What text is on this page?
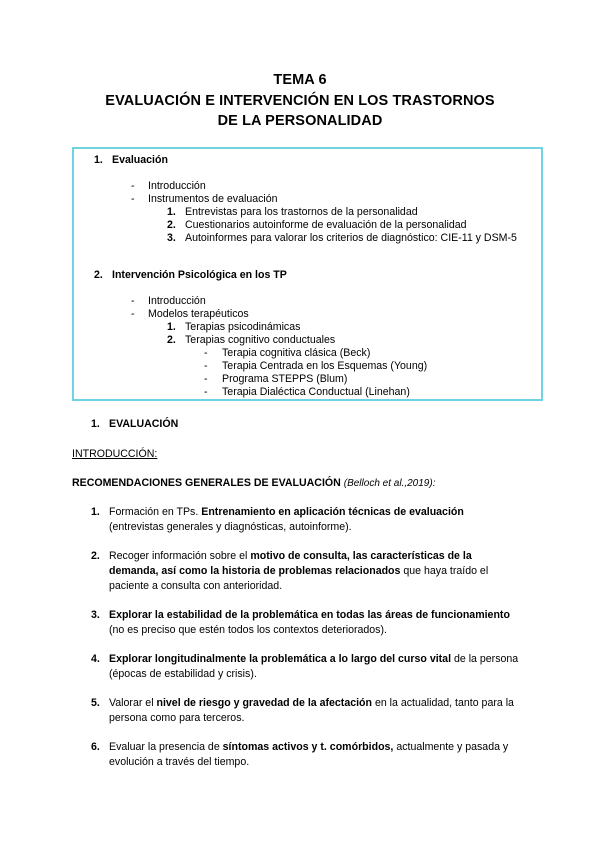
TEMA 6
EVALUACIÓN E INTERVENCIÓN EN LOS TRASTORNOS
DE LA PERSONALIDAD
1. Evaluación
- Introducción
- Instrumentos de evaluación
1. Entrevistas para los trastornos de la personalidad
2. Cuestionarios autoinforme de evaluación de la personalidad
3. Autoinformes para valorar los criterios de diagnóstico: CIE-11 y DSM-5
2. Intervención Psicológica en los TP
- Introducción
- Modelos terapéuticos
1. Terapias psicodinámicas
2. Terapias cognitivo conductuales
- Terapia cognitiva clásica (Beck)
- Terapia Centrada en los Esquemas (Young)
- Programa STEPPS (Blum)
- Terapia Dialéctica Conductual (Linehan)
1. EVALUACIÓN
INTRODUCCIÓN:
RECOMENDACIONES GENERALES DE EVALUACIÓN (Belloch et al.,2019):
1. Formación en TPs. Entrenamiento en aplicación técnicas de evaluación (entrevistas generales y diagnósticas, autoinforme).
2. Recoger información sobre el motivo de consulta, las características de la demanda, así como la historia de problemas relacionados que haya traído el paciente a consulta con anterioridad.
3. Explorar la estabilidad de la problemática en todas las áreas de funcionamiento (no es preciso que estén todos los contextos deteriorados).
4. Explorar longitudinalmente la problemática a lo largo del curso vital de la persona (épocas de estabilidad y crisis).
5. Valorar el nivel de riesgo y gravedad de la afectación en la actualidad, tanto para la persona como para terceros.
6. Evaluar la presencia de síntomas activos y t. comórbidos, actualmente y pasada y evolución a través del tiempo.
